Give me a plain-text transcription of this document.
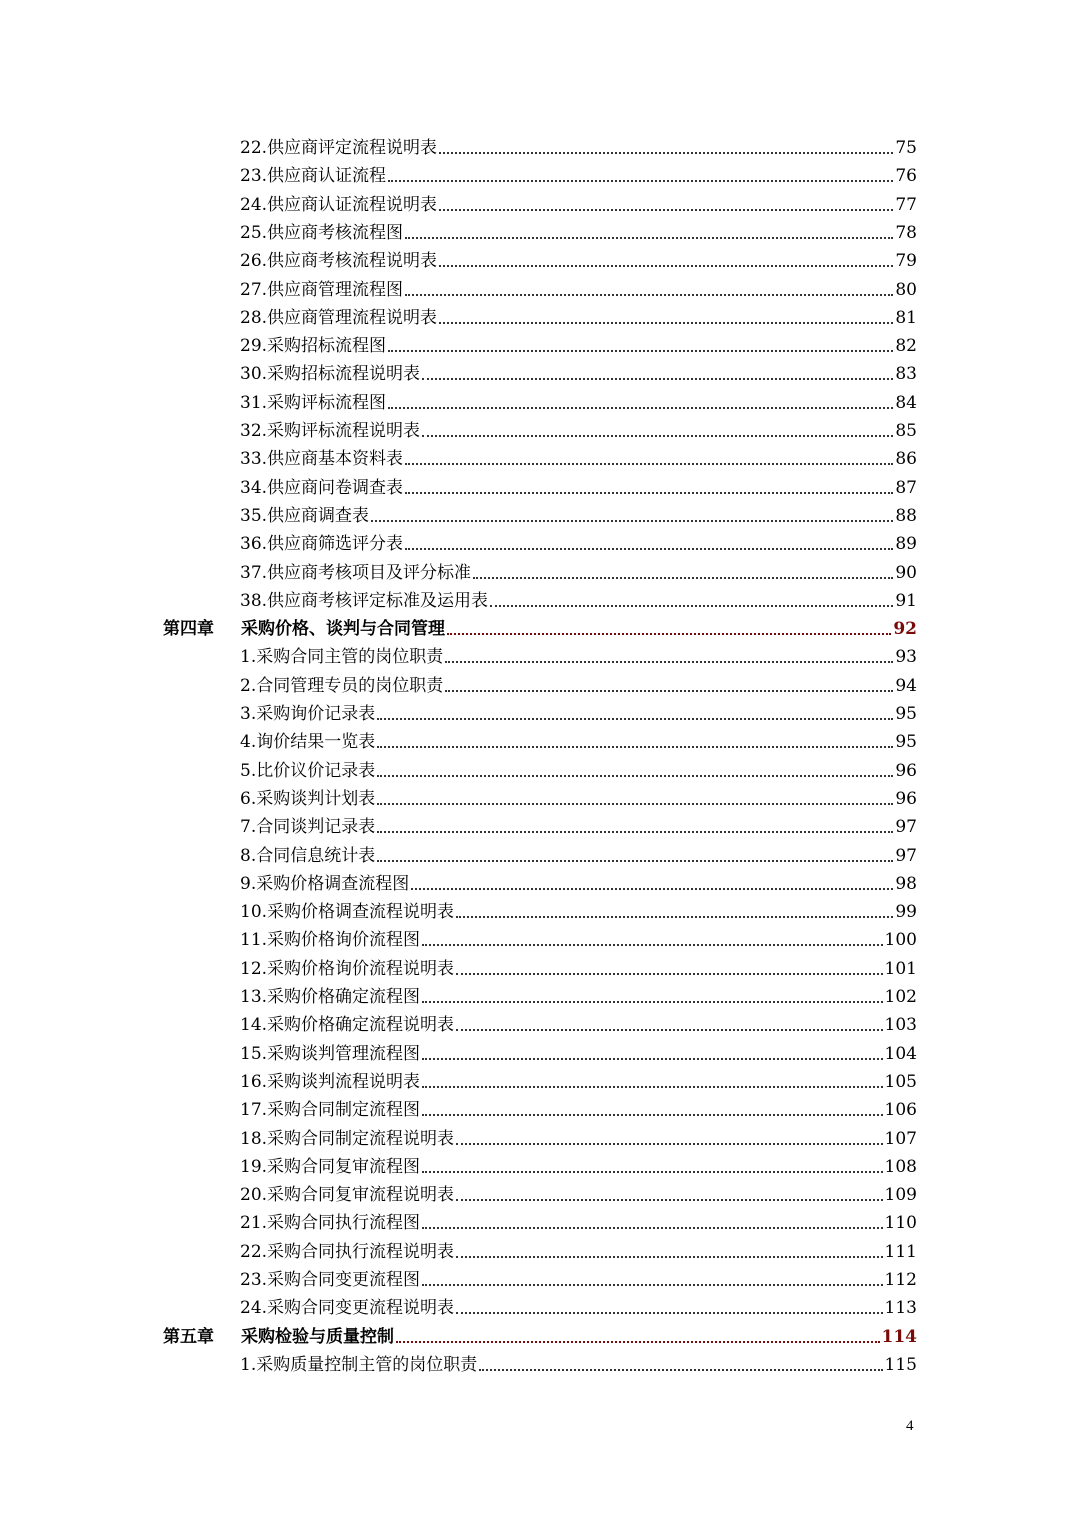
22.供应商评定流程说明表	75
23.供应商认证流程	76
24.供应商认证流程说明表	77
25.供应商考核流程图	78
26.供应商考核流程说明表	79
27.供应商管理流程图	80
28.供应商管理流程说明表	81
29.采购招标流程图	82
30.采购招标流程说明表	83
31.采购评标流程图	84
32.采购评标流程说明表	85
33.供应商基本资料表	86
34.供应商问卷调查表	87
35.供应商调查表	88
36.供应商筛选评分表	89
37.供应商考核项目及评分标准	90
38.供应商考核评定标准及运用表	91
第四章 采购价格、谈判与合同管理	92
1.采购合同主管的岗位职责	93
2.合同管理专员的岗位职责	94
3.采购询价记录表	95
4.询价结果一览表	95
5.比价议价记录表	96
6.采购谈判计划表	96
7.合同谈判记录表	97
8.合同信息统计表	97
9.采购价格调查流程图	98
10.采购价格调查流程说明表	99
11.采购价格询价流程图	100
12.采购价格询价流程说明表	101
13.采购价格确定流程图	102
14.采购价格确定流程说明表	103
15.采购谈判管理流程图	104
16.采购谈判流程说明表	105
17.采购合同制定流程图	106
18.采购合同制定流程说明表	107
19.采购合同复审流程图	108
20.采购合同复审流程说明表	109
21.采购合同执行流程图	110
22.采购合同执行流程说明表	111
23.采购合同变更流程图	112
24.采购合同变更流程说明表	113
第五章 采购检验与质量控制	114
1.采购质量控制主管的岗位职责	115
4
